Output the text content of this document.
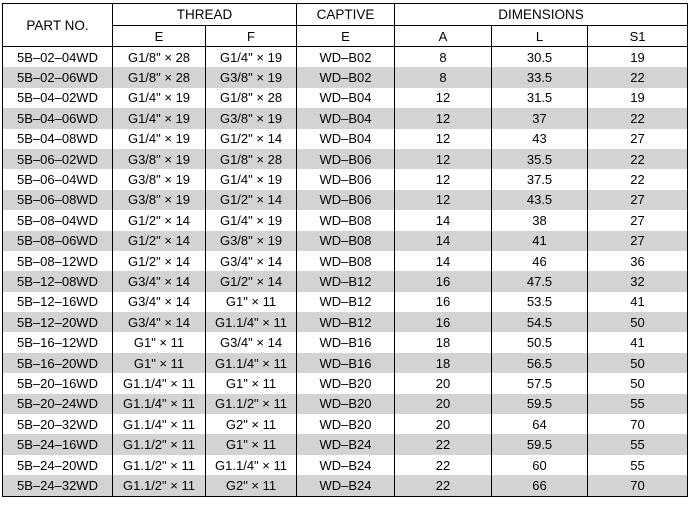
PART NO.	THREAD		CAPTIVE	DIMENSIONS		
	E	F	E	A	L	S1
5B–02–04WD	G1/8" × 28	G1/4" × 19	WD–B02	8	30.5	19
5B–02–06WD	G1/8" × 28	G3/8" × 19	WD–B02	8	33.5	22
5B–04–02WD	G1/4" × 19	G1/8" × 28	WD–B04	12	31.5	19
5B–04–06WD	G1/4" × 19	G3/8" × 19	WD–B04	12	37	22
5B–04–08WD	G1/4" × 19	G1/2" × 14	WD–B04	12	43	27
5B–06–02WD	G3/8" × 19	G1/8" × 28	WD–B06	12	35.5	22
5B–06–04WD	G3/8" × 19	G1/4" × 19	WD–B06	12	37.5	22
5B–06–08WD	G3/8" × 19	G1/2" × 14	WD–B06	12	43.5	27
5B–08–04WD	G1/2" × 14	G1/4" × 19	WD–B08	14	38	27
5B–08–06WD	G1/2" × 14	G3/8" × 19	WD–B08	14	41	27
5B–08–12WD	G1/2" × 14	G3/4" × 14	WD–B08	14	46	36
5B–12–08WD	G3/4" × 14	G1/2" × 14	WD–B12	16	47.5	32
5B–12–16WD	G3/4" × 14	G1" × 11	WD–B12	16	53.5	41
5B–12–20WD	G3/4" × 14	G1.1/4" × 11	WD–B12	16	54.5	50
5B–16–12WD	G1" × 11	G3/4" × 14	WD–B16	18	50.5	41
5B–16–20WD	G1" × 11	G1.1/4" × 11	WD–B16	18	56.5	50
5B–20–16WD	G1.1/4" × 11	G1" × 11	WD–B20	20	57.5	50
5B–20–24WD	G1.1/4" × 11	G1.1/2" × 11	WD–B20	20	59.5	55
5B–20–32WD	G1.1/4" × 11	G2" × 11	WD–B20	20	64	70
5B–24–16WD	G1.1/2" × 11	G1" × 11	WD–B24	22	59.5	55
5B–24–20WD	G1.1/2" × 11	G1.1/4" × 11	WD–B24	22	60	55
5B–24–32WD	G1.1/2" × 11	G2" × 11	WD–B24	22	66	70
